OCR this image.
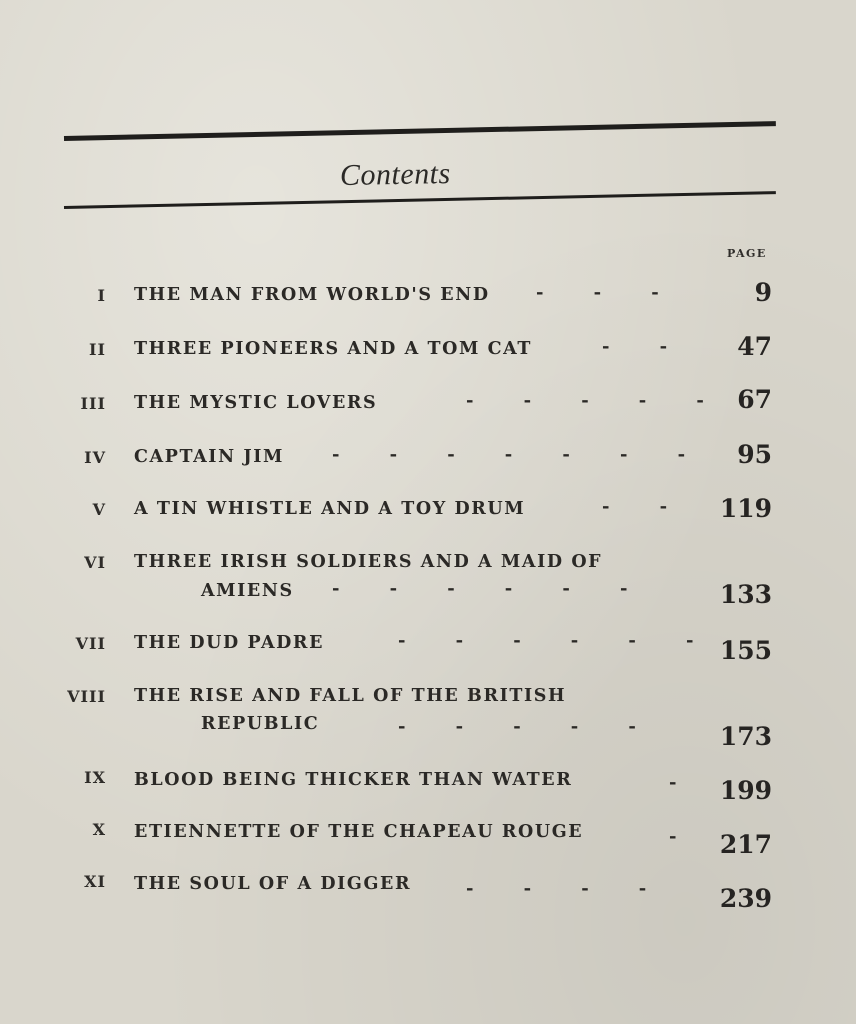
Contents
PAGE
I THE MAN FROM WORLD'S END	-        -        -	9
II THREE PIONEERS AND A TOM CAT	-        -	47
III THE MYSTIC LOVERS	-        -        -        -        - 67
IV CAPTAIN JIM	-        -        -        -        -        -        - 95
V A TIN WHISTLE AND A TOY DRUM	-        - 119
VI THREE IRISH SOLDIERS AND A MAID OF
AMIENS -        -        -        -        -        -	133
VII THE DUD PADRE	-        -        -        -        -        - 155
VIII THE RISE AND FALL OF THE BRITISH
REPUBLIC	-        -        -        -        -	173
IX BLOOD BEING THICKER THAN WATER	- 199
X ETIENNETTE OF THE CHAPEAU ROUGE	- 217
XI THE SOUL OF A DIGGER	-        -        -        -	239
